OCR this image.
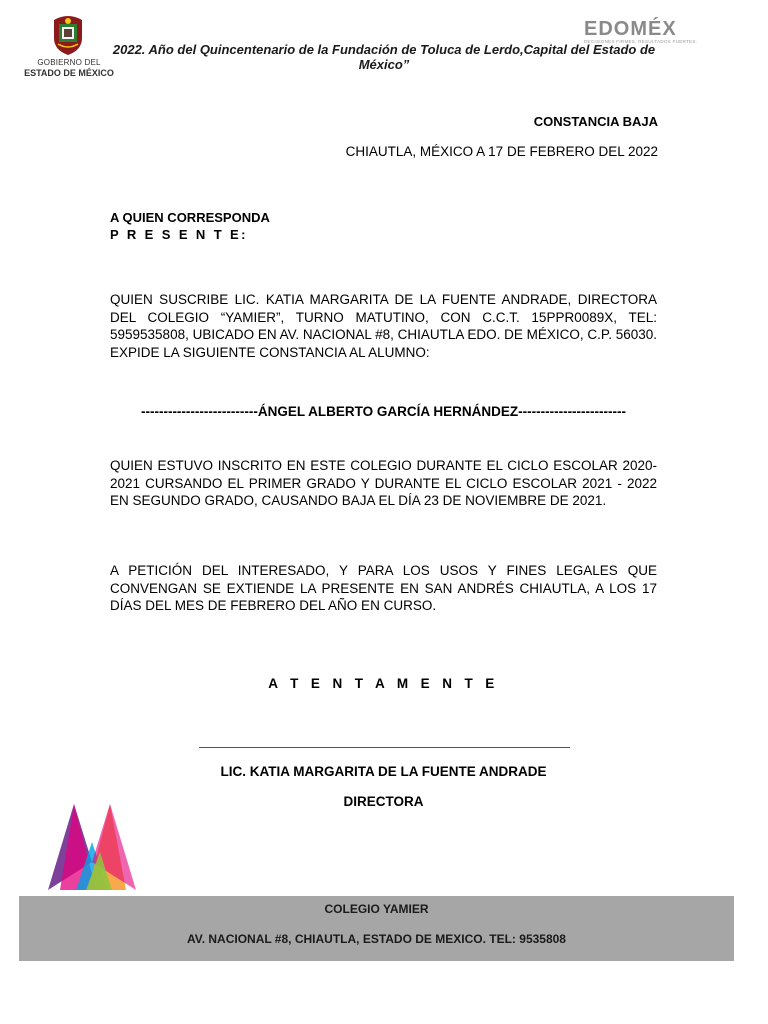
GOBIERNO DEL
ESTADO DE MÉXICO
EDOMÉX
DECISIONES FIRMES, RESULTADOS FUERTES.
2022. Año del Quincentenario de la Fundación de Toluca de Lerdo,Capital del Estado de México”
CONSTANCIA BAJA
CHIAUTLA, MÉXICO A 17 DE FEBRERO DEL 2022
A QUIEN CORRESPONDA
P R E S E N T E:
QUIEN SUSCRIBE LIC. KATIA MARGARITA DE LA FUENTE ANDRADE, DIRECTORA DEL COLEGIO “YAMIER”, TURNO MATUTINO, CON C.C.T. 15PPR0089X, TEL: 5959535808, UBICADO EN AV. NACIONAL #8, CHIAUTLA EDO. DE MÉXICO, C.P. 56030. EXPIDE LA SIGUIENTE CONSTANCIA AL ALUMNO:
--------------------------ÁNGEL ALBERTO GARCÍA HERNÁNDEZ------------------------
QUIEN ESTUVO INSCRITO EN ESTE COLEGIO DURANTE EL CICLO ESCOLAR 2020-2021 CURSANDO EL PRIMER GRADO Y DURANTE EL CICLO ESCOLAR 2021 - 2022 EN SEGUNDO GRADO, CAUSANDO BAJA EL DÍA 23 DE NOVIEMBRE DE 2021.
A PETICIÓN DEL INTERESADO, Y PARA LOS USOS Y FINES LEGALES QUE CONVENGAN SE EXTIENDE LA PRESENTE EN SAN ANDRÉS CHIAUTLA, A LOS 17 DÍAS DEL MES DE FEBRERO DEL AÑO EN CURSO.
A T E N T A M E N T E
LIC. KATIA MARGARITA DE LA FUENTE ANDRADE
DIRECTORA
COLEGIO YAMIER
AV. NACIONAL #8, CHIAUTLA, ESTADO DE MEXICO. TEL: 9535808
